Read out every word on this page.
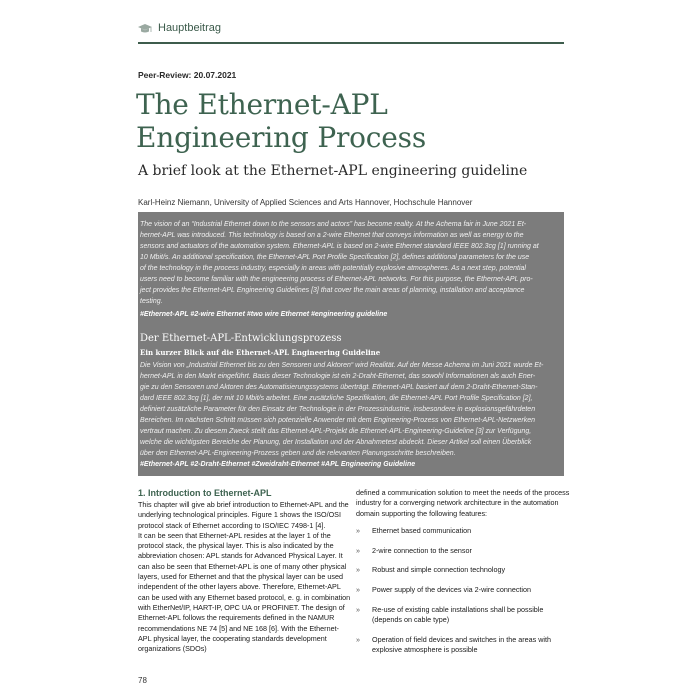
Hauptbeitrag
Peer-Review: 20.07.2021
The Ethernet-APL
Engineering Process
A brief look at the Ethernet-APL engineering guideline
Karl-Heinz Niemann, University of Applied Sciences and Arts Hannover, Hochschule Hannover
The vision of an “Industrial Ethernet down to the sensors and actors” has become reality. At the Achema fair in June 2021 Et-
hernet-APL was introduced. This technology is based on a 2-wire Ethernet that conveys information as well as energy to the
sensors and actuators of the automation system. Ethernet-APL is based on 2-wire Ethernet standard IEEE 802.3cg [1] running at
10 Mbit/s. An additional specification, the Ethernet-APL Port Profile Specification [2], defines additional parameters for the use
of the technology in the process industry, especially in areas with potentially explosive atmospheres. As a next step, potential
users need to become familiar with the engineering process of Ethernet-APL networks. For this purpose, the Ethernet-APL pro-
ject provides the Ethernet-APL Engineering Guidelines [3] that cover the main areas of planning, installation and acceptance
testing.
#Ethernet-APL #2-wire Ethernet #two wire Ethernet #engineering guideline
Der Ethernet-APL-Entwicklungsprozess
Ein kurzer Blick auf die Ethernet-APL Engineering Guideline
Die Vision von „Industrial Ethernet bis zu den Sensoren und Aktoren“ wird Realität. Auf der Messe Achema im Juni 2021 wurde Et-
hernet-APL in den Markt eingeführt. Basis dieser Technologie ist ein 2-Draht-Ethernet, das sowohl Informationen als auch Ener-
gie zu den Sensoren und Aktoren des Automatisierungssystems überträgt. Ethernet-APL basiert auf dem 2-Draht-Ethernet-Stan-
dard IEEE 802.3cg [1], der mit 10 Mbit/s arbeitet. Eine zusätzliche Spezifikation, die Ethernet-APL Port Profile Specification [2],
definiert zusätzliche Parameter für den Einsatz der Technologie in der Prozessindustrie, insbesondere in explosionsgefährdeten
Bereichen. Im nächsten Schritt müssen sich potenzielle Anwender mit dem Engineering-Prozess von Ethernet-APL-Netzwerken
vertraut machen. Zu diesem Zweck stellt das Ethernet-APL-Projekt die Ethernet-APL-Engineering-Guideline [3] zur Verfügung,
welche die wichtigsten Bereiche der Planung, der Installation und der Abnahmetest abdeckt. Dieser Artikel soll einen Überblick
über den Ethernet-APL-Engineering-Prozess geben und die relevanten Planungsschritte beschreiben.
#Ethernet-APL #2-Draht-Ethernet #Zweidraht-Ethernet #APL Engineering Guideline
1. Introduction to Ethernet-APL

This chapter will give ab brief introduction to Ethernet-APL and the underlying technological principles. Figure 1 shows the ISO/OSI protocol stack of Ethernet according to ISO/IEC 7498-1 [4].

It can be seen that Ethernet-APL resides at the layer 1 of the protocol stack, the physical layer. This is also indicated by the abbreviation chosen: APL stands for Advanced Physical Layer. It can also be seen that Ethernet-APL is one of many other physical layers, used for Ethernet and that the physical layer can be used independent of the other layers above. Therefore, Ethernet-APL can be used with any Ethernet based protocol, e. g. in combination with EtherNet/IP, HART-IP, OPC UA or PROFINET. The design of Ethernet-APL follows the requirements defined in the NAMUR recommendations NE 74 [5] and NE 168 [6]. With the Ethernet-APL physical layer, the cooperating standards development organizations (SDOs)

defined a communication solution to meet the needs of the process industry for a converging network architecture in the automation domain supporting the following features:

» Ethernet based communication
» 2-wire connection to the sensor
» Robust and simple connection technology
» Power supply of the devices via 2-wire connection
» Re-use of existing cable installations shall be possible (depends on cable type)
» Operation of field devices and switches in the areas with explosive atmosphere is possible
78
